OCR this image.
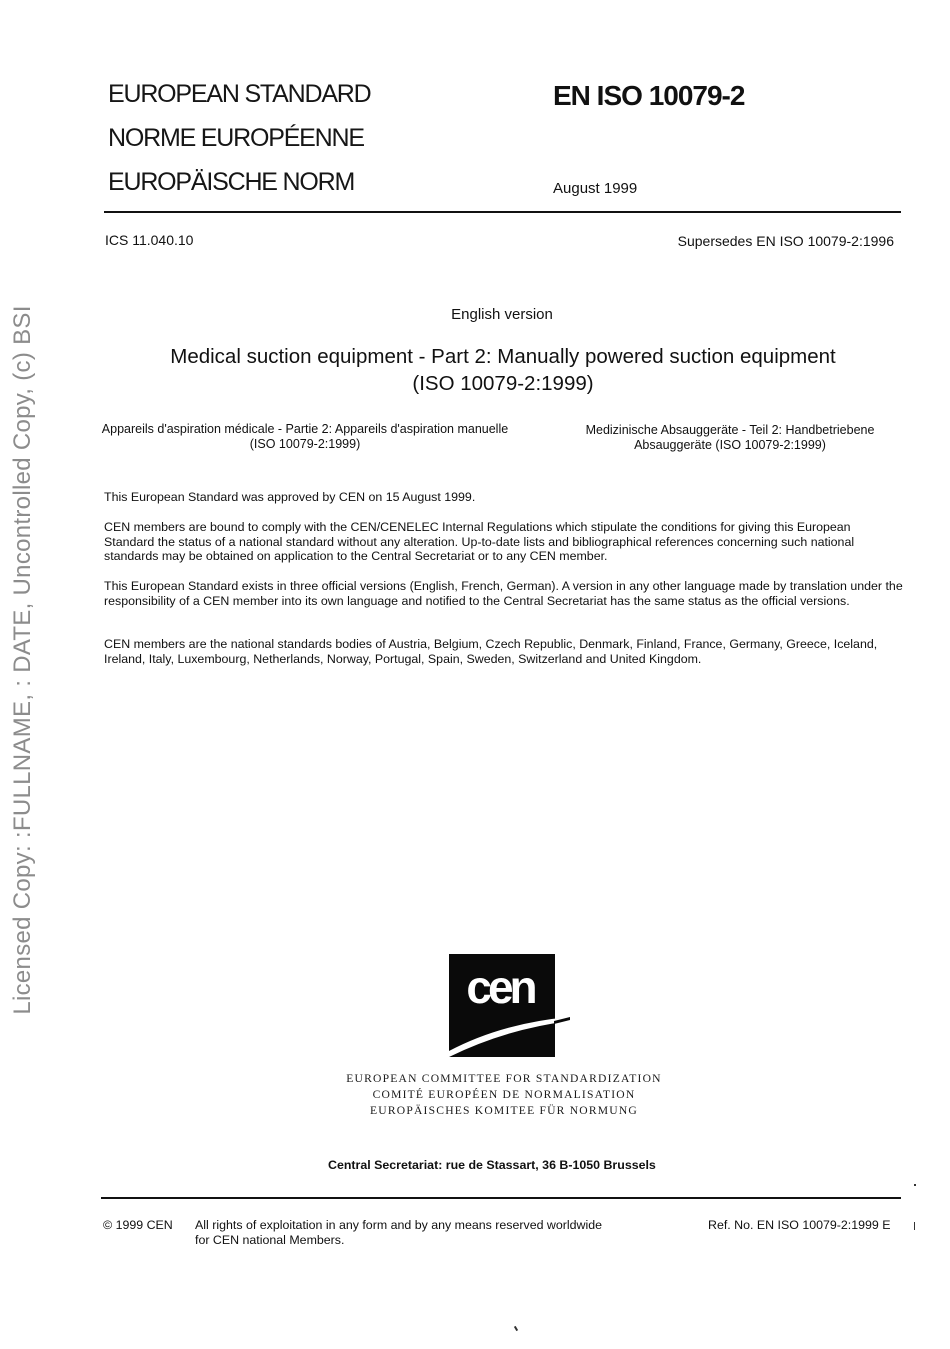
EUROPEAN STANDARD
NORME EUROPÉENNE
EUROPÄISCHE NORM
EN ISO 10079-2
August 1999
ICS 11.040.10	Supersedes EN ISO 10079-2:1996
Licensed Copy: :FULLNAME, : DATE, Uncontrolled Copy, (c) BSI	English version
Medical suction equipment - Part 2: Manually powered suction equipment (ISO 10079-2:1999)
Appareils d'aspiration médicale - Partie 2: Appareils d'aspiration manuelle (ISO 10079-2:1999)
Medizinische Absauggeräte - Teil 2: Handbetriebene Absauggeräte (ISO 10079-2:1999)
This European Standard was approved by CEN on 15 August 1999.
CEN members are bound to comply with the CEN/CENELEC Internal Regulations which stipulate the conditions for giving this European Standard the status of a national standard without any alteration. Up-to-date lists and bibliographical references concerning such national standards may be obtained on application to the Central Secretariat or to any CEN member.
This European Standard exists in three official versions (English, French, German). A version in any other language made by translation under the responsibility of a CEN member into its own language and notified to the Central Secretariat has the same status as the official versions.
CEN members are the national standards bodies of Austria, Belgium, Czech Republic, Denmark, Finland, France, Germany, Greece, Iceland, Ireland, Italy, Luxembourg, Netherlands, Norway, Portugal, Spain, Sweden, Switzerland and United Kingdom.
cen
EUROPEAN COMMITTEE FOR STANDARDIZATION
COMITÉ EUROPÉEN DE NORMALISATION
EUROPÄISCHES KOMITEE FÜR NORMUNG
Central Secretariat: rue de Stassart, 36 B-1050 Brussels
© 1999 CEN All rights of exploitation in any form and by any means reserved worldwide for CEN national Members.
Ref. No. EN ISO 10079-2:1999 E
